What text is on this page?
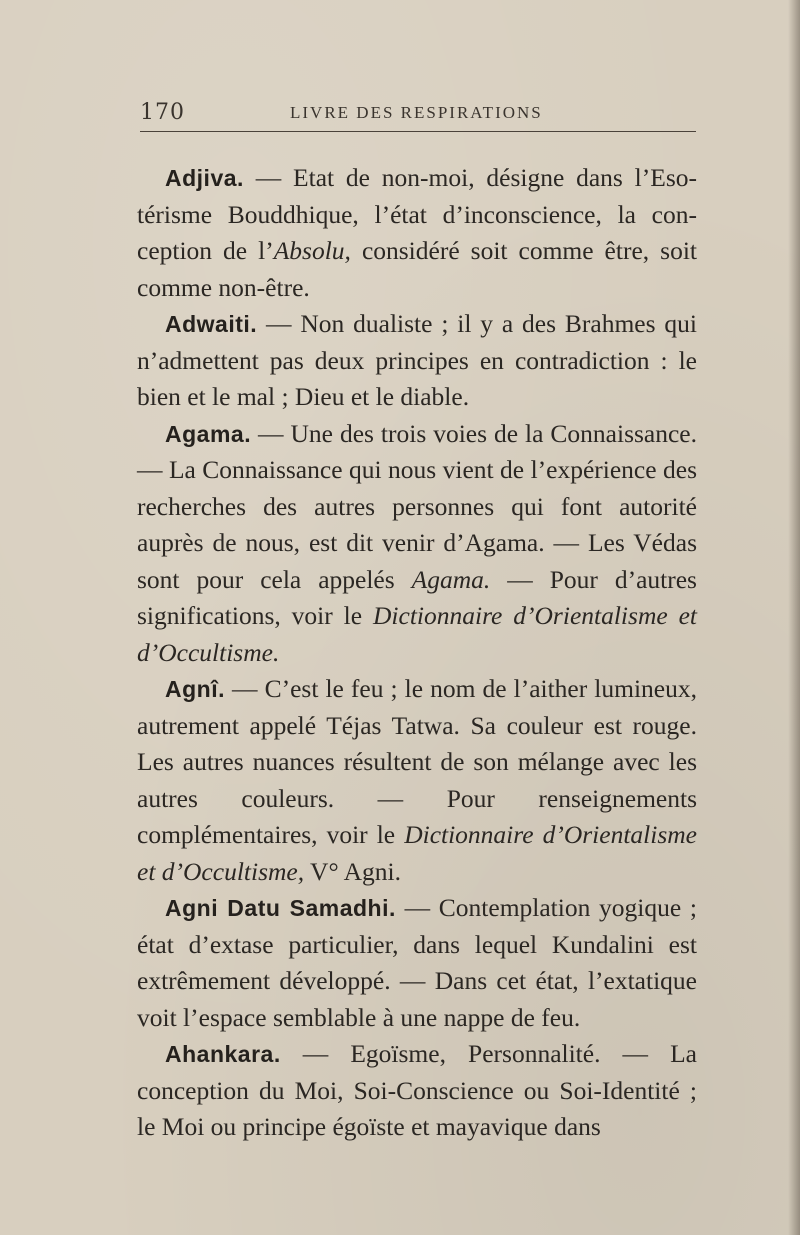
170	LIVRE DES RESPIRATIONS

Adjiva. — Etat de non-moi, désigne dans l’Esotérisme Bouddhique, l’état d’inconscience, la conception de l’Absolu, considéré soit comme être, soit comme non-être.

Adwaiti. — Non dualiste ; il y a des Brahmes qui n’admettent pas deux principes en contradiction : le bien et le mal ; Dieu et le diable.

Agama. — Une des trois voies de la Connaissance. — La Connaissance qui nous vient de l’expérience des recherches des autres personnes qui font autorité auprès de nous, est dit venir d’Agama. — Les Védas sont pour cela appelés Agama. — Pour d’autres significations, voir le Dictionnaire d’Orientalisme et d’Occultisme.

Agnî. — C’est le feu ; le nom de l’aither lumineux, autrement appelé Téjas Tatwa. Sa couleur est rouge. Les autres nuances résultent de son mélange avec les autres couleurs. — Pour renseignements complémentaires, voir le Dictionnaire d’Orientalisme et d’Occultisme, V° Agni.

Agni Datu Samadhi. — Contemplation yogique ; état d’extase particulier, dans lequel Kundalini est extrêmement développé. — Dans cet état, l’extatique voit l’espace semblable à une nappe de feu.

Ahankara. — Egoïsme, Personnalité. — La conception du Moi, Soi-Conscience ou Soi-Identité ; le Moi ou principe égoïste et mayavique dans
